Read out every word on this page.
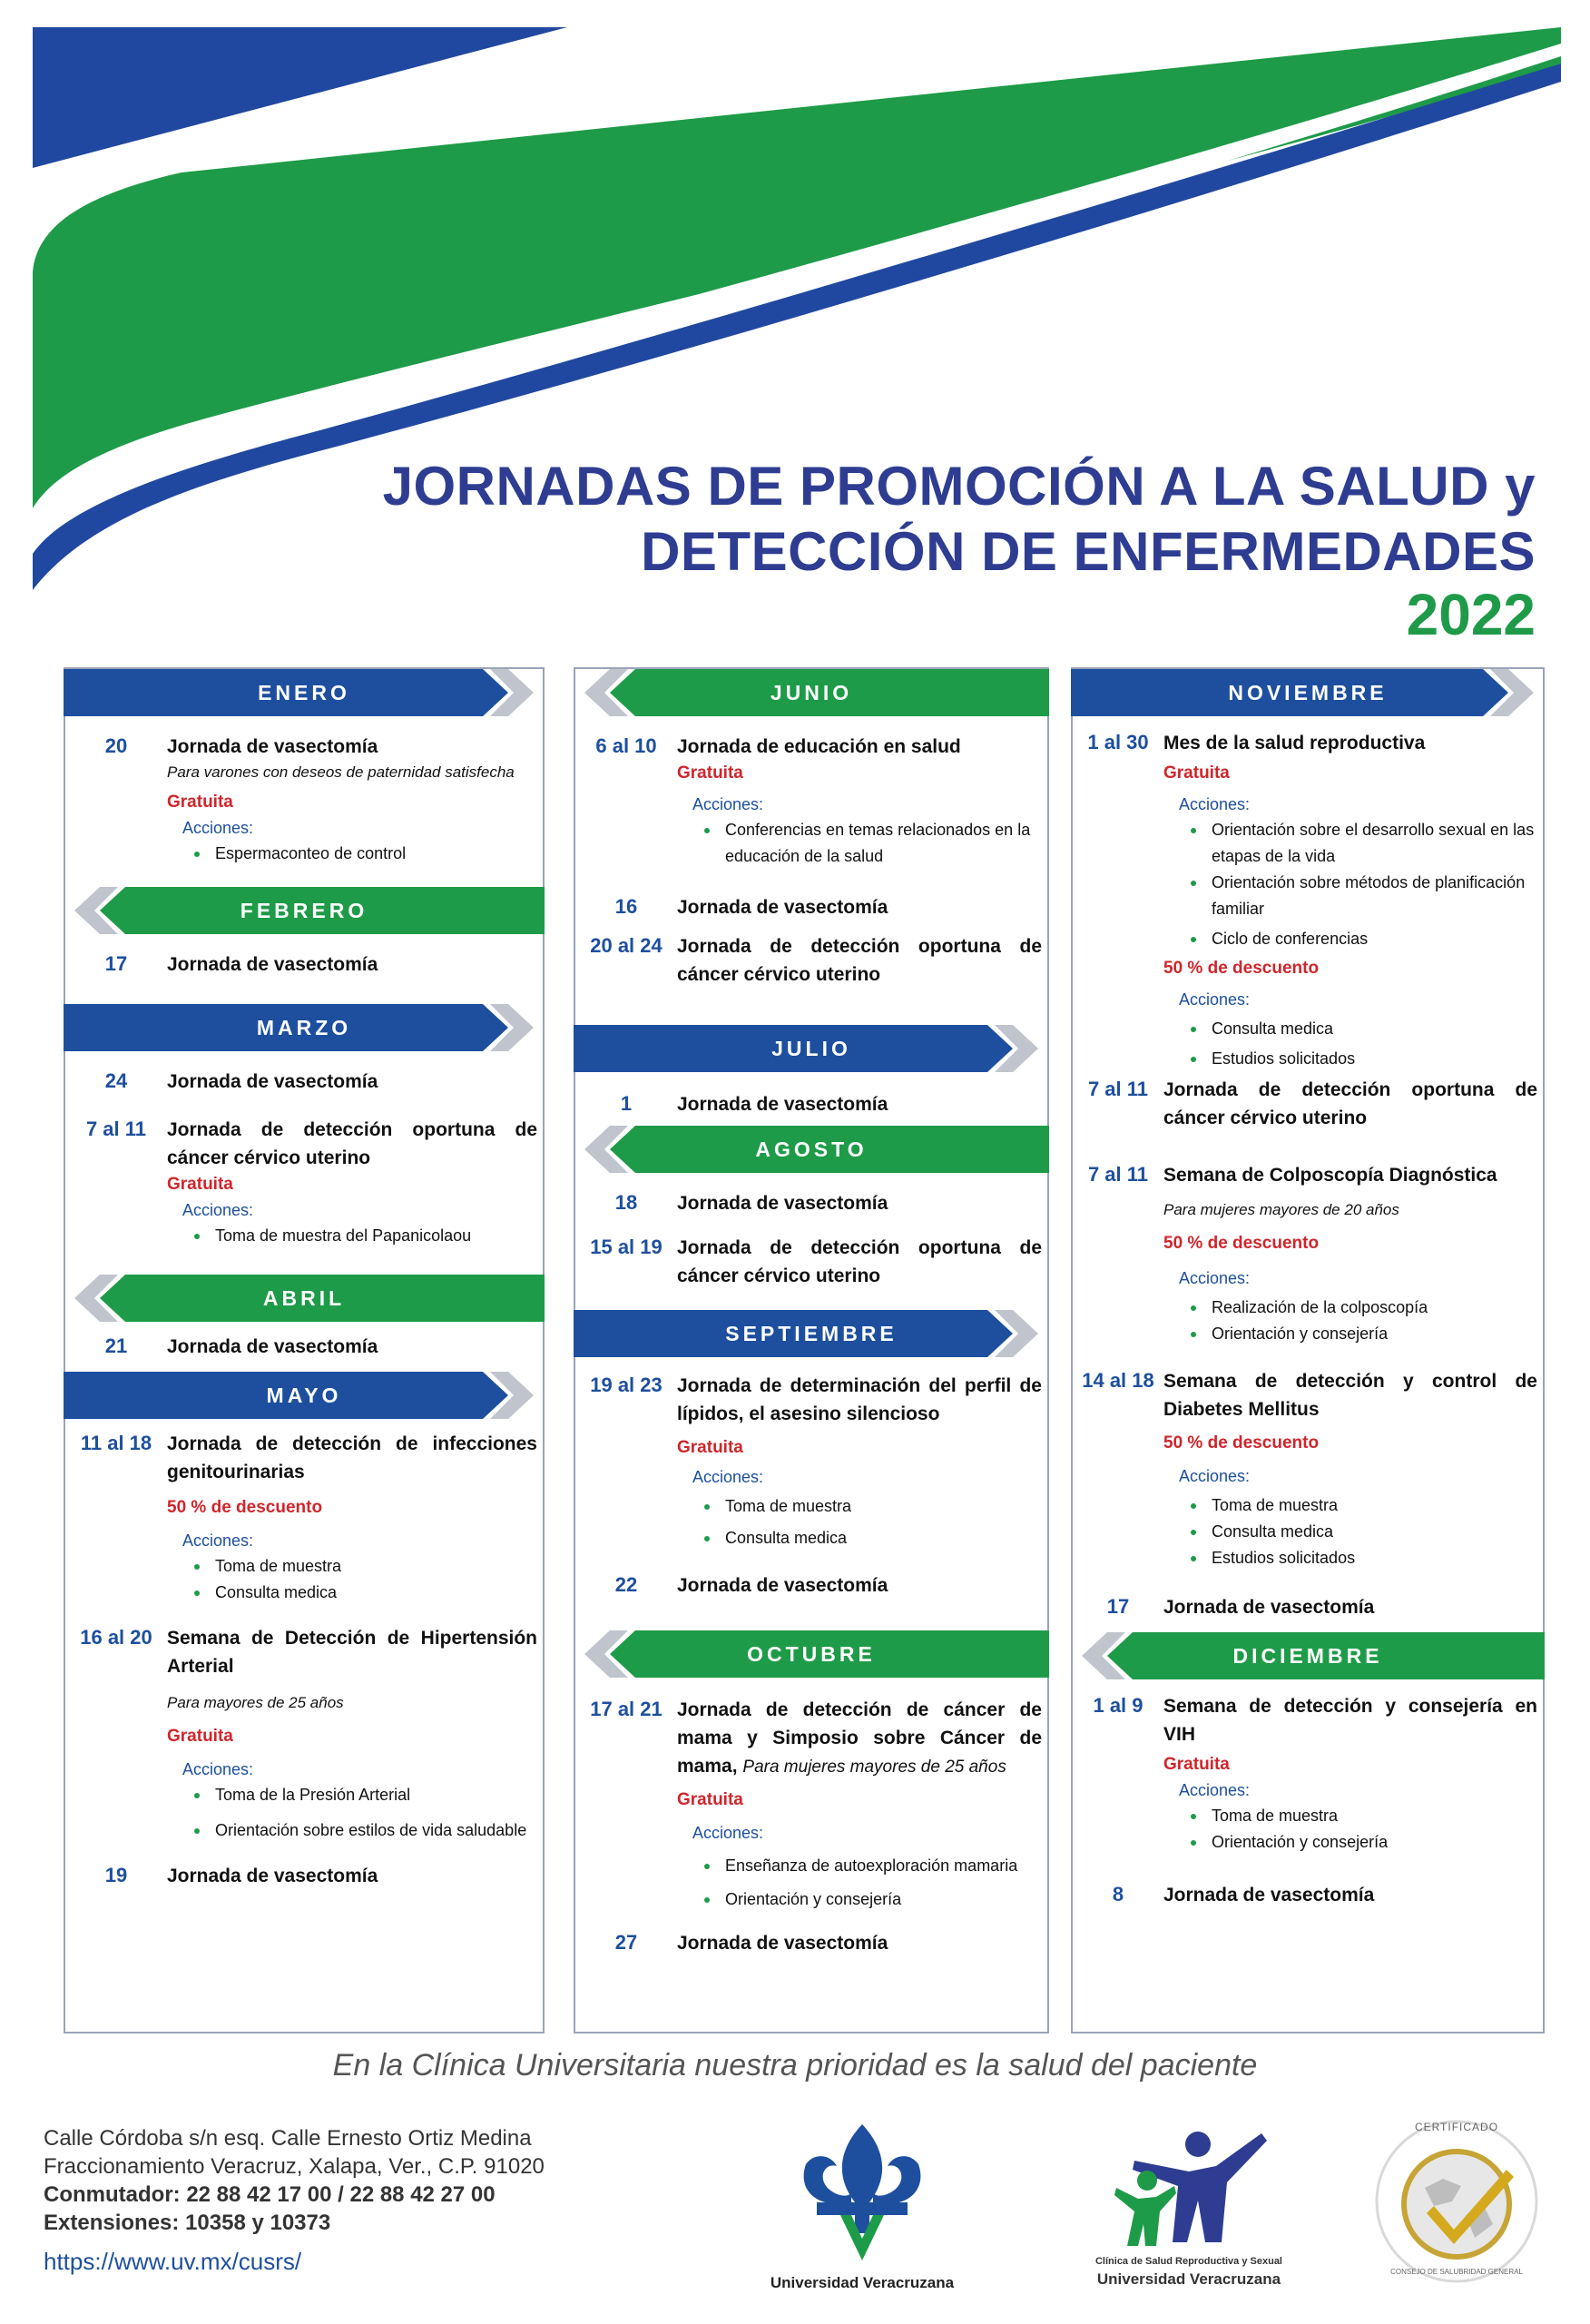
JORNADAS DE PROMOCIÓN A LA SALUD y
DETECCIÓN DE ENFERMEDADES
2022
ENERO
20	Jornada de vasectomía
Para varones con deseos de paternidad satisfecha
Gratuita
Acciones:
Espermaconteo de control
FEBRERO
17	Jornada de vasectomía
MARZO
24	Jornada de vasectomía
7 al 11	Jornada de detección oportuna de cáncer cérvico uterino
Gratuita
Acciones:
Toma de muestra del Papanicolaou
ABRIL
21	Jornada de vasectomía
MAYO
11 al 18 Jornada de detección de infecciones genitourinarias
50 % de descuento
Acciones:
Toma de muestra
Consulta medica
16 al 20 Semana de Detección de Hipertensión Arterial
Para mayores de 25 años
Gratuita
Acciones:
Toma de la Presión Arterial
Orientación sobre estilos de vida saludable
19	Jornada de vasectomía
JUNIO
6 al 10	Jornada de educación en salud
Gratuita
Acciones:
Conferencias en temas relacionados en la educación de la salud
16	Jornada de vasectomía
20 al 24 Jornada de detección oportuna de cáncer cérvico uterino
JULIO
1	Jornada de vasectomía
AGOSTO
18	Jornada de vasectomía
15 al 19 Jornada de detección oportuna de cáncer cérvico uterino
SEPTIEMBRE
19 al 23 Jornada de determinación del perfil de lípidos, el asesino silencioso
Gratuita
Acciones:
Toma de muestra
Consulta medica
22	Jornada de vasectomía
OCTUBRE
17 al 21 Jornada de detección de cáncer de mama y Simposio sobre Cáncer de mama, Para mujeres mayores de 25 años
Gratuita
Acciones:
Enseñanza de autoexploración mamaria
Orientación y consejería
27	Jornada de vasectomía
NOVIEMBRE
1 al 30 Mes de la salud reproductiva
Gratuita
Acciones:
Orientación sobre el desarrollo sexual en las etapas de la vida
Orientación sobre métodos de planificación familiar
Ciclo de conferencias
50 % de descuento
Acciones:
Consulta medica
Estudios solicitados
7 al 11 Jornada de detección oportuna de cáncer cérvico uterino
7 al 11 Semana de Colposcopía Diagnóstica
Para mujeres mayores de 20 años
50 % de descuento
Acciones:
Realización de la colposcopía
Orientación y consejería
14 al 18 Semana de detección y control de Diabetes Mellitus
50 % de descuento
Acciones:
Toma de muestra
Consulta medica
Estudios solicitados
17	Jornada de vasectomía
DICIEMBRE
1 al 9	Semana de detección y consejería en VIH
Gratuita
Acciones:
Toma de muestra
Orientación y consejería
8	Jornada de vasectomía
En la Clínica Universitaria nuestra prioridad es la salud del paciente
Calle Córdoba s/n esq. Calle Ernesto Ortiz Medina
Fraccionamiento Veracruz, Xalapa, Ver., C.P. 91020
Conmutador: 22 88 42 17 00 / 22 88 42 27 00
Extensiones: 10358 y 10373
https://www.uv.mx/cusrs/
Universidad Veracruzana
Clínica de Salud Reproductiva y Sexual
Universidad Veracruzana
CERTIFICADO
CONSEJO DE SALUBRIDAD GENERAL
